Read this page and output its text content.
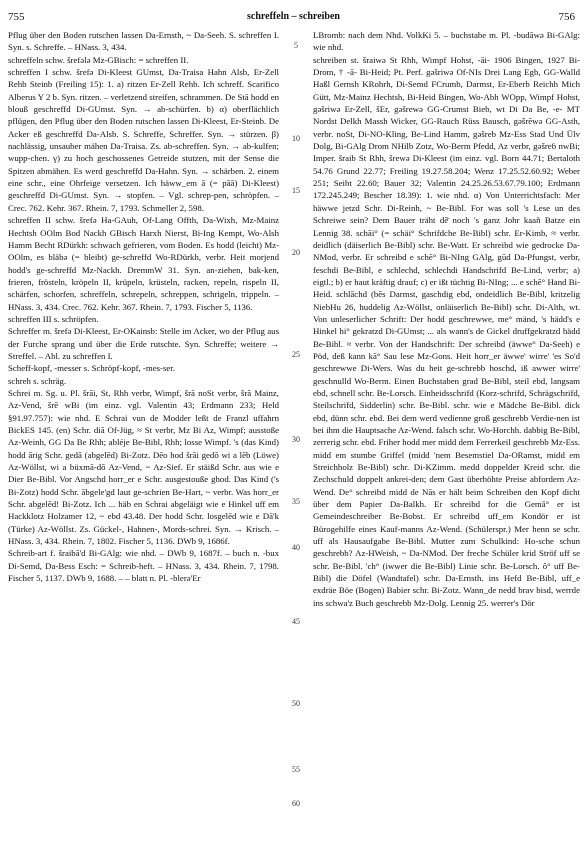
755	schreffeln – schreiben	756

Pflug über den Boden rutschen lassen Da-Ernsth, ~ Da-Seeh. S. schreffen I. Syn. s. Schreffe. – HNass. 3, 434.

schreffeln schw. šrefələ Mz-GBisch: = schreffen II.

schreffen I schw. šrefə Di-Kleest GUmst, Da-Traisa Hahn Alsb, Er-Zell Rehb Steinb (Freiling 15): 1. a) ritzen Er-Zell Rehb. Ich schreff. Scarifico Alberus Y 2 b. Syn. ritzen. – verletzend streifen, schrammen. De Stā hodd en blouß geschreffd Di-GUmst. Syn. → ab-schürfen. b) α) oberflächlich pflügen, den Pflug über den Boden rutschen lassen Di-Kleest, Er-Steinb. De Acker eß geschreffd Da-Alsb. S. Schreffe, Schreffer. Syn. → stürzen. β) nachlässig, unsauber mähen Da-Traisa. Zs. ab-schreffen. Syn. → ab-kulfen; wupp-chen. γ) zu hoch geschossenes Getreide stutzen, mit der Sense die Spitzen abmähen. Es werd geschreffd Da-Hahn. Syn. → schärben. 2. einem eine schr., eine Ohrfeige versetzen. Ich häww_em ā (= pāā) Di-Kleest) geschreffd Di-GUmst. Syn. → stopfen. – Vgl. schrep-pen, schröpfen. – Crec. 762. Kehr. 367. Rhein. 7, 1793. Schmeller 2, 598.

schreffen II schw. šrefə Ha-GAuh, Of-Lang Offth, Da-Wixh, Mz-Mainz Hechtsh OOlm Bod Nackh GBisch Harxh Nierst, Bi-Ing Kempt, Wo-Alsh Hamm Becht RDürkh: schwach gefrieren, vom Boden. Es hodd (leicht) Mz-OOlm, es bläbə (= bleibt) ge-schreffd Wo-RDürkh, verbr. Heit morjend hodd's ge-schreffd Mz-Nackh. DremmW 31. Syn. an-ziehen, bak-ken, frieren, frösteln, kröpeln II, krüpeln, krüsteln, racken, repeln, rispeln II, schärfen, schorfen, schreffeln, schrepeln, schreppen, schrigeln, trippeln. – HNass. 3, 434. Crec. 762. Kehr. 367. Rhein. 7, 1793. Fischer 5, 1136.

schreffen III s. schröpfen.

Schreffer m. šrefə Di-Kleest, Er-OKainsb: Stelle im Acker, wo der Pflug aus der Furche sprang und über die Erde rutschte. Syn. Schreffe; weitere → Streffel. – Abl. zu schreffen I.

Scheff-kopf, -messer s. Schröpf-kopf, -mes-ser.

schreh s. schräg.

Schrei m. Sg. u. Pl. šrāi, St, Rhh verbr, Wimpf, šrā noSt verbr, šrā Mainz, Az-Vend, šrē wBi (im einz. vgl. Valentin 43; Erdmann 233; Held §91.97.757): wie nhd. E Schrai vun de Modder leßt de Franzl uffahrn BickES 145. (en) Schr. diā Of-Jüg, ≈ St verbr, Mz Bi Az, Wimpf; ausstoße Az-Weinh, GG Da Be Rhh; abléje Be-Bibl, Rhh; losse Wimpf. 's (das Kind) hodd ārig Schr. gedā (abgelēd) Bi-Zotz. Dēo hod šrāi gedō wi a lēb (Löwe) Az-Wöllst, wi a büxmā-dō Az-Vend, ~ Az-Sief. Er stäißd Schr. aus wie e Dier Be-Bibl. Vor Angschd horr_er e Schr. ausgestouße ghod. Das Kind ('s Bi-Zotz) hodd Schr. ābgele'gd laut ge-schrien Be-Hart, ~ verbr. Was horr_er Schr. abgelēd! Bi-Zotz. Ich ... häb en Schrai abgeläigt wie e Hinkel uff em Hackklotz Holzamer 12, ~ ebd 43.48. Der hodd Schr. losgelēd wie e Dā'k (Türke) Az-Wöllst. Zs. Gückel-, Hahnen-, Mords-schrei. Syn. → Krisch. – HNass. 3, 434. Rhein. 7, 1802. Fischer 5, 1136. DWb 9, 1686f.

Schreib-art f. šraibā'd Bi-GAlg: wie nhd. – DWb 9, 1687f. – buch n. -bux Di-Semd, Da-Bess Esch: = Schreib-heft. – HNass. 3, 434. Rhein. 7, 1798. Fischer 5, 1137. DWb 9, 1688. – – blatt n. Pl. -blerə'Er

5
10
15
20
25
30
35
40
45
50
55
60

LBromb: nach dem Nhd. VolkKi 5. – buchstabe m. Pl. -budāwə Bi-GAlg: wie nhd.

schreiben st. šraiwə St Rhh, Wimpf Hohst, -āi- 1906 Bingen, 1927 Bi-Drom, † -ā- Bi-Heid; Pt. Perf. gəšriwə Of-NIs Drei Lang Egb, GG-Walld Haßl Gernsh KRohrh, Di-Semd FCrumb, Darmst, Er-Eberb Reichh Mich Gütt, Mz-Mainz Hechtsh, Bi-Heid Bingen, Wo-Abh WOpp, Wimpf Hohst, gəšriwə Er-Zell, šEr, gəšrewə GG-Crumst Bieb, wt Di Da Be, -e- MT Nordst Delkh Massh Wicker, GG-Rauch Rüss Bausch, gəšrēwə GG-Asth, verbr. noSt, Di-NO-Kling, Be-Lind Hamm, gəšreb Mz-Ess Stad Und Ülv Dolg, Bi-GAlg Drom NHilb Zotz, Wo-Berm Pfedd, Az verbr, gəšreɓ nwBi; Imper. šraib St Rhh, šrewə Di-Kleest (im einz. vgl. Born 44.71; Bertaloth 54.76 Grund 22.77; Freiling 19.27.58.204; Wenz 17.25.52.60.92; Weber 251; Seibt 22.60; Bauer 32; Valentin 24.25.26.53.67.79.100; Erdmann 172.245.249; Bescher 18.39): 1. wie nhd. α) Von Unterrichtsfach: Mer häwwe jetzd Schr. Di-Reinh, ~ Be-Bibl. For was soll 's Lese un des Schreiwe sein? Dem Bauer träht dē̄ noch 's ganz Johr kaañ Batze ein Lennig 38. schāi° (= schäi° Schrifdche Be-Bibl) schr. Er-Kimb, ≈ verbr. deidlich (däiserlich Be-Bibl) schr. Be-Watt. Er schreibd wie gedrocke Da-NMod, verbr. Er schreibd e schē° Bi-NIng GAlg, gūd Da-Pfungst, verbr, feschdi Be-Bibl, e schlechd, schlechdi Handschrifd Be-Lind, verbr; a) eigtl.; b) er haut kräftig drauf; c) er ißt tüchtig Bi-NIng; ... e schē° Hand Bi-Heid. schlāchd (bēs Darmst, gaschdig ebd, ondeidlich Be-Bibl, kritzelig NiebHu 26, huddelig Az-Wöllst, onläiserlich Be-Bibl) schr. Di-Alth, wt. Von unleserlicher Schrift: Der hodd geschrewwe, me° mänd, 's hädd's e Hinkel hi° gekratzd Di-GUmst; ... als wann's de Gickel druffgekratzd hädd Be-Bibl. ≈ verbr. Von der Handschrift: Der schreibd (äwwe° Da-Seeh) e Pöd, deß kann kā° Sau lese Mz-Gons. Heit horr_er äwwe' wirre' 'es So'd geschrewwe Di-Wers. Was du heit ge-schrebb hoschd, iß awwer wirre' geschnulld Wo-Berm. Einen Buchstaben grad Be-Bibl, steil ebd, langsam ebd, schnell schr. Be-Lorsch. Einheidsschrifd (Korz-schrifd, Schrägschrifd, Steilschrifd, Sidderlin) schr. Be-Bibl. schr. wie e Mädche Be-Bibl. dick ebd, dünn schr. ebd. Bei dem werd vedienne groß geschrebb Verdie-nen ist bei ihm die Hauptsache Az-Wend. falsch schr. Wo-Horchh. dabbig Be-Bibl, zerrerig schr. ebd. Friher hodd mer midd dem Ferrerkeil geschrebb Mz-Ess. midd em stumbe Griffel (midd 'nem Besemstiel Da-ORamst, midd em Streichholz Be-Bibl) schr. Di-KZimm. medd doppelder Kreid schr. die Zechschuld doppelt ankrei-den; dem Gast überhöhte Preise abfordern Az-Wend. De° schreibd midd de Nās er hält beim Schreiben den Kopf dicht über dem Papier Da-Balkh. Er schreibd for die Gemā° er ist Gemeindeschreiber Be-Bobst. Er schreibd uff_em Kondör er ist Bürogehilfe eines Kauf-manns Az-Wend. (Schülerspr.) Mer henn se schr. uff als Hausaufgabe Be-Bibl. Mutter zum Schulkind: Ho-sche schun geschrebb? Az-HWeish, ~ Da-NMod. Der freche Schüler krid Ströf uff se schr. Be-Bibl. 'ch° (iwwer die Be-Bibl) Linie schr. Be-Lorsch. ô° uff Be-Bibl) die Döfel (Wandtafel) schr. Da-Ernsth. ins Hefd Be-Bibl, uff_e exdräe Böe (Bogen) Babier schr. Bi-Zotz. Wann_de nedd brav bisd, werrde ins schwa'z Buch geschrebb Mz-Dolg. Lennig 25. werrer's Dör
